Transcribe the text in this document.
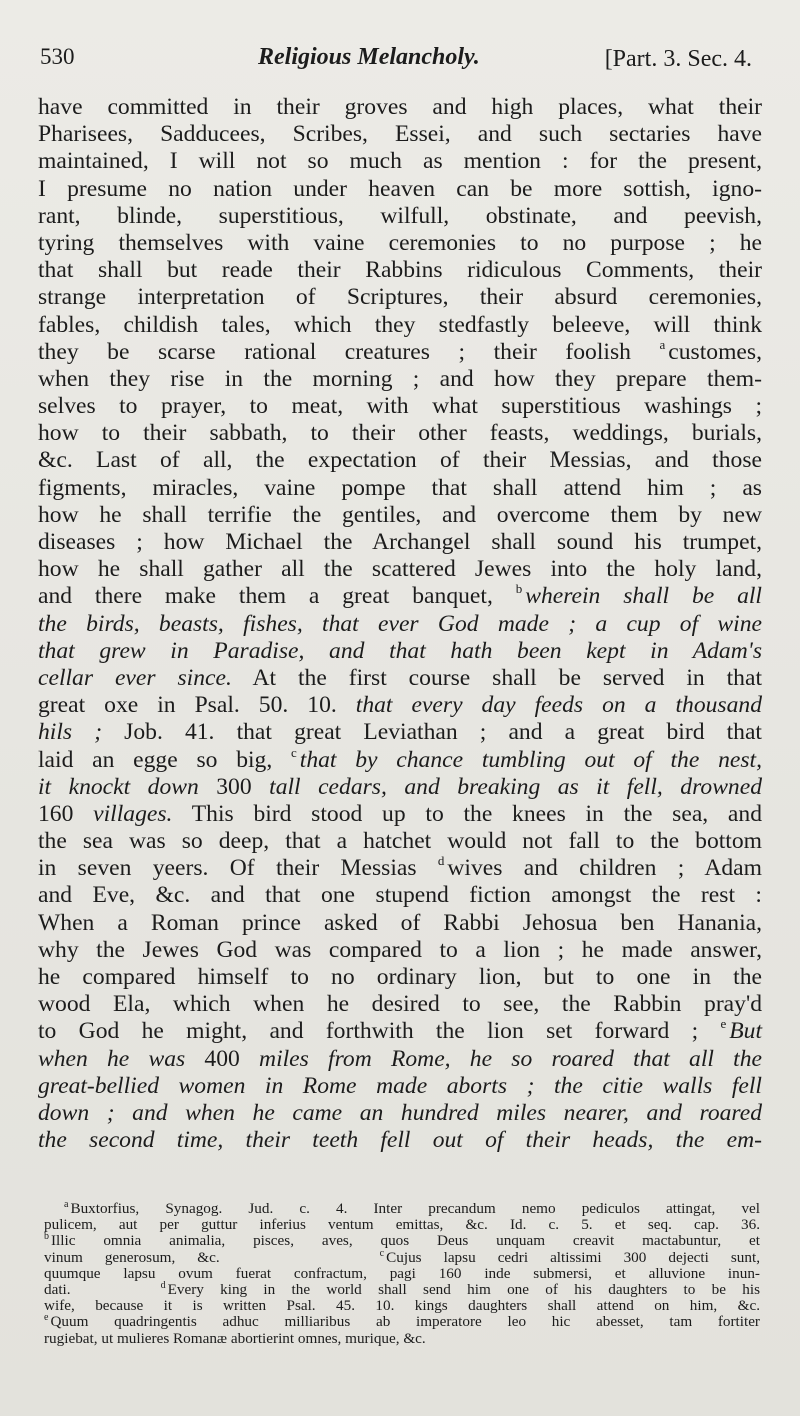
530	Religious Melancholy.	[Part. 3. Sec. 4.
have committed in their groves and high places, what their
Pharisees, Sadducees, Scribes, Essei, and such sectaries have
maintained, I will not so much as mention : for the present,
I presume no nation under heaven can be more sottish, igno-
rant, blinde, superstitious, wilfull, obstinate, and peevish,
tyring themselves with vaine ceremonies to no purpose ; he
that shall but reade their Rabbins ridiculous Comments, their
strange interpretation of Scriptures, their absurd ceremonies,
fables, childish tales, which they stedfastly beleeve, will think
they be scarse rational creatures ; their foolish $^a$ customes,
when they rise in the morning ; and how they prepare them-
selves to prayer, to meat, with what superstitious washings ;
how to their sabbath, to their other feasts, weddings, burials,
&c. Last of all, the expectation of their Messias, and those
figments, miracles, vaine pompe that shall attend him ; as
how he shall terrifie the gentiles, and overcome them by new
diseases ; how Michael the Archangel shall sound his trumpet,
how he shall gather all the scattered Jewes into the holy land,
and there make them a great banquet, $^b$ wherein shall be all
the birds, beasts, fishes, that ever God made ; a cup of wine
that grew in Paradise, and that hath been kept in Adam's
cellar ever since. At the first course shall be served in that
great oxe in Psal. 50. 10. that every day feeds on a thousand
hils ; Job. 41. that great Leviathan ; and a great bird that
laid an egge so big, $^c$ that by chance tumbling out of the nest,
it knockt down 300 tall cedars, and breaking as it fell, drowned
160 villages. This bird stood up to the knees in the sea, and
the sea was so deep, that a hatchet would not fall to the bottom
in seven yeers. Of their Messias $^d$ wives and children ; Adam
and Eve, &c. and that one stupend fiction amongst the rest :
When a Roman prince asked of Rabbi Jehosua ben Hanania,
why the Jewes God was compared to a lion ; he made answer,
he compared himself to no ordinary lion, but to one in the
wood Ela, which when he desired to see, the Rabbin pray'd
to God he might, and forthwith the lion set forward ; $^e$ But
when he was 400 miles from Rome, he so roared that all the
great-bellied women in Rome made aborts ; the citie walls fell
down ; and when he came an hundred miles nearer, and roared
the second time, their teeth fell out of their heads, the em-
$^a$ Buxtorfius, Synagog. Jud. c. 4. Inter precandum nemo pediculos attingat, vel
pulicem, aut per guttur inferius ventum emittas, &c. Id. c. 5. et seq. cap. 36.
$^b$ Illic omnia animalia, pisces, aves, quos Deus unquam creavit mactabuntur, et
vinum generosum, &c.	$^c$ Cujus lapsu cedri altissimi 300 dejecti sunt,
quumque lapsu ovum fuerat confractum, pagi 160 inde submersi, et alluvione inun-
dati.	$^d$ Every king in the world shall send him one of his daughters to be his
wife, because it is written Psal. 45. 10. kings daughters shall attend on him, &c.
$^e$ Quum quadringentis adhuc milliaribus ab imperatore leo hic abesset, tam fortiter
rugiebat, ut mulieres Romanæ abortierint omnes, murique, &c.
